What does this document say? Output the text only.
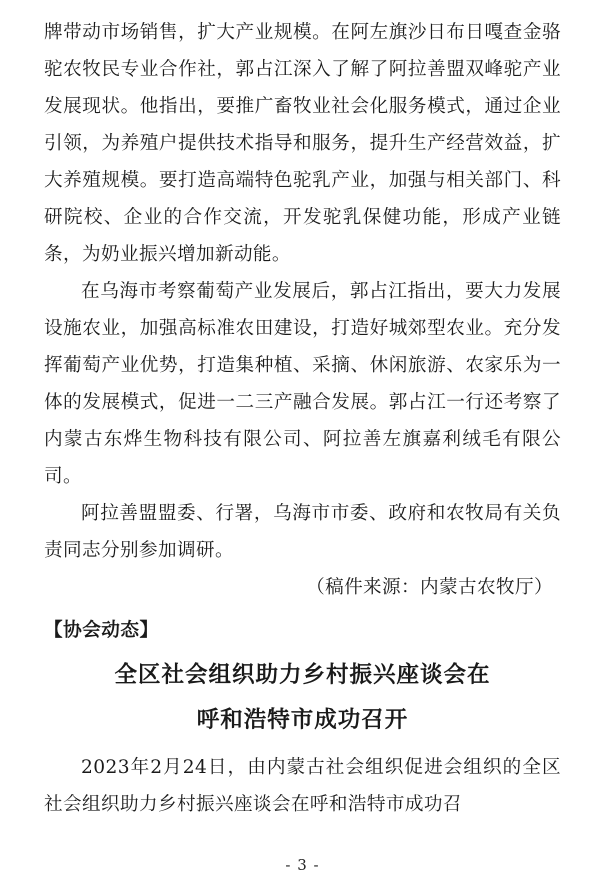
牌带动市场销售，扩大产业规模。在阿左旗沙日布日嘎查金骆驼农牧民专业合作社，郭占江深入了解了阿拉善盟双峰驼产业发展现状。他指出，要推广畜牧业社会化服务模式，通过企业引领，为养殖户提供技术指导和服务，提升生产经营效益，扩大养殖规模。要打造高端特色驼乳产业，加强与相关部门、科研院校、企业的合作交流，开发驼乳保健功能，形成产业链条，为奶业振兴增加新动能。

在乌海市考察葡萄产业发展后，郭占江指出，要大力发展设施农业，加强高标准农田建设，打造好城郊型农业。充分发挥葡萄产业优势，打造集种植、采摘、休闲旅游、农家乐为一体的发展模式，促进一二三产融合发展。郭占江一行还考察了内蒙古东烨生物科技有限公司、阿拉善左旗嘉利绒毛有限公司。

阿拉善盟盟委、行署，乌海市市委、政府和农牧局有关负责同志分别参加调研。

（稿件来源：内蒙古农牧厅）

【协会动态】

全区社会组织助力乡村振兴座谈会在
呼和浩特市成功召开

2023年2月24日，由内蒙古社会组织促进会组织的全区社会组织助力乡村振兴座谈会在呼和浩特市成功召

- 3 -
